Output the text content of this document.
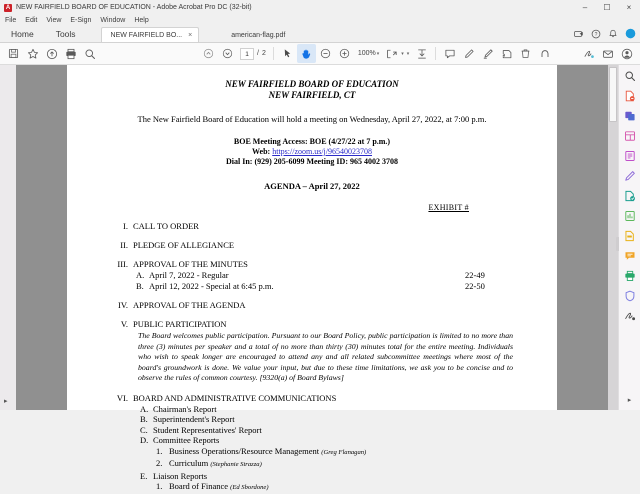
A NEW FAIRFIELD BOARD OF EDUCATION - Adobe Acrobat Pro DC (32-bit)	–	☐	×
File Edit View E-Sign Window Help
Home	Tools	NEW FAIRFIELD BO... ×	american-flag.pdf	?
1	/ 2	100% ▾	▾ ▾
▸
NEW FAIRFIELD BOARD OF EDUCATION
NEW FAIRFIELD, CT
The New Fairfield Board of Education will hold a meeting on Wednesday, April 27, 2022, at 7:00 p.m.
BOE Meeting Access: BOE (4/27/22 at 7 p.m.)
Web: https://zoom.us/j/96540023708
Dial In: (929) 205-6099 Meeting ID: 965 4002 3708
AGENDA – April 27, 2022
EXHIBIT #
I. CALL TO ORDER
II. PLEDGE OF ALLEGIANCE
III. APPROVAL OF THE MINUTES
A. April 7, 2022 - Regular	22-49
B. April 12, 2022 - Special at 6:45 p.m.	22-50
IV. APPROVAL OF THE AGENDA
V. PUBLIC PARTICIPATION
The Board welcomes public participation. Pursuant to our Board Policy, public participation is limited to no more than three (3) minutes per speaker and a total of no more than thirty (30) minutes total for the entire meeting. Individuals who wish to speak longer are encouraged to attend any and all related subcommittee meetings where most of the board's groundwork is done. We value your input, but due to these time limitations, we ask you to be concise and to observe the rules of common courtesy. [9320(a) of Board Bylaws]
VI. BOARD AND ADMINISTRATIVE COMMUNICATIONS
A. Chairman's Report
B. Superintendent's Report
C. Student Representatives' Report
D. Committee Reports
1. Business Operations/Resource Management (Greg Flanagan)
2. Curriculum (Stephanie Strazza)
E. Liaison Reports
1. Board of Finance (Ed Sbordone)
▸
